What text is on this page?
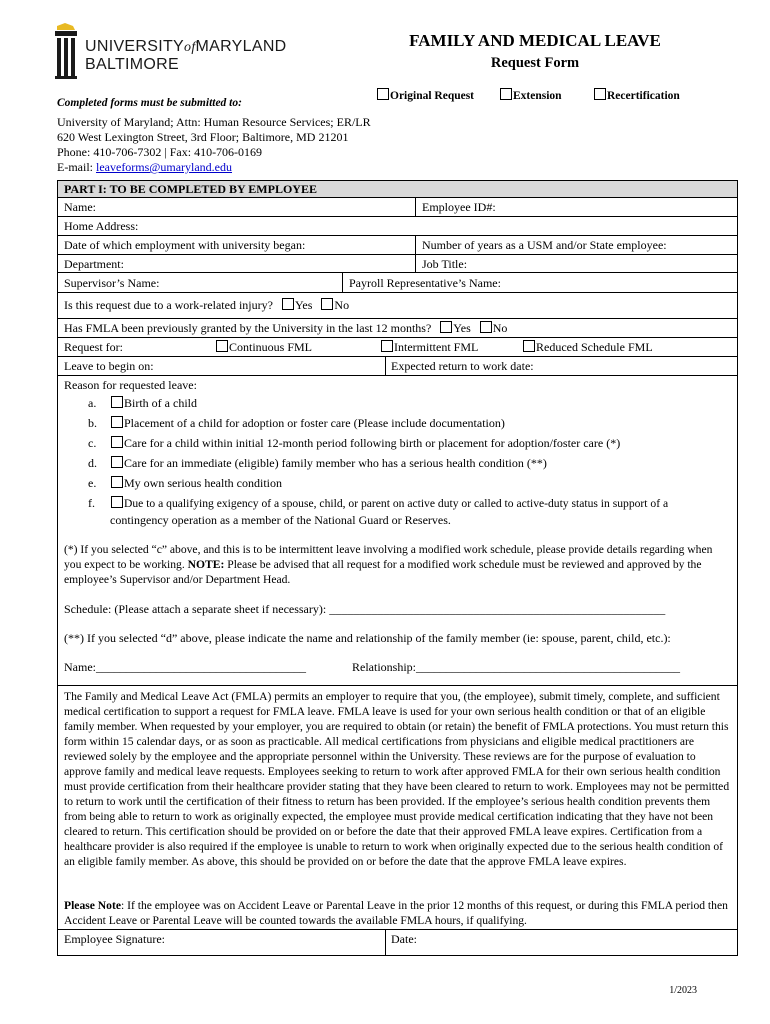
UNIVERSITYofMARYLAND
BALTIMORE
FAMILY AND MEDICAL LEAVE
Request Form
Original Request	Extension	Recertification
Completed forms must be submitted to:
University of Maryland; Attn: Human Resource Services; ER/LR
620 West Lexington Street, 3rd Floor; Baltimore, MD 21201
Phone: 410-706-7302 | Fax: 410-706-0169
E-mail: leaveforms@umaryland.edu
PART I: TO BE COMPLETED BY EMPLOYEE
Name:	Employee ID#:
Home Address:
Date of which employment with university began:	Number of years as a USM and/or State employee:
Department:	Job Title:
Supervisor’s Name:	Payroll Representative’s Name:
Is this request due to a work-related injury? Yes No
Has FMLA been previously granted by the University in the last 12 months? Yes No
Request for:	Continuous FML	Intermittent FML	Reduced Schedule FML
Leave to begin on:	Expected return to work date:
Reason for requested leave:
a.	Birth of a child
b.	Placement of a child for adoption or foster care (Please include documentation)
c.	Care for a child within initial 12-month period following birth or placement for adoption/foster care (*)
d.	Care for an immediate (eligible) family member who has a serious health condition (**)
e.	My own serious health condition
f.	Due to a qualifying exigency of a spouse, child, or parent on active duty or called to active-duty status in support of a
contingency operation as a member of the National Guard or Reserves.
(*) If you selected “c” above, and this is to be intermittent leave involving a modified work schedule, please provide details regarding when you expect to be working. NOTE: Please be advised that all request for a modified work schedule must be reviewed and approved by the employee’s Supervisor and/or Department Head.
Schedule: (Please attach a separate sheet if necessary): ________________________________________________________
(**) If you selected “d” above, please indicate the name and relationship of the family member (ie: spouse, parent, child, etc.):
Name:___________________________________	Relationship:____________________________________________
The Family and Medical Leave Act (FMLA) permits an employer to require that you, (the employee), submit timely, complete, and sufficient medical certification to support a request for FMLA leave. FMLA leave is used for your own serious health condition or that of an eligible family member. When requested by your employer, you are required to obtain (or retain) the benefit of FMLA protections. You must return this form within 15 calendar days, or as soon as practicable. All medical certifications from physicians and eligible medical practitioners are reviewed solely by the employee and the appropriate personnel within the University. These reviews are for the purpose of evaluation to approve family and medical leave requests. Employees seeking to return to work after approved FMLA for their own serious health condition must provide certification from their healthcare provider stating that they have been cleared to return to work. Employees may not be permitted to return to work until the certification of their fitness to return has been provided. If the employee’s serious health condition prevents them from being able to return to work as originally expected, the employee must provide medical certification indicating that they have not been cleared to return. This certification should be provided on or before the date that their approved FMLA leave expires. Certification from a healthcare provider is also required if the employee is unable to return to work when originally expected due to the serious health condition of an eligible family member. As above, this should be provided on or before the date that the approve FMLA leave expires.
Please Note: If the employee was on Accident Leave or Parental Leave in the prior 12 months of this request, or during this FMLA period then Accident Leave or Parental Leave will be counted towards the available FMLA hours, if qualifying.
Employee Signature:	Date:
1/2023
